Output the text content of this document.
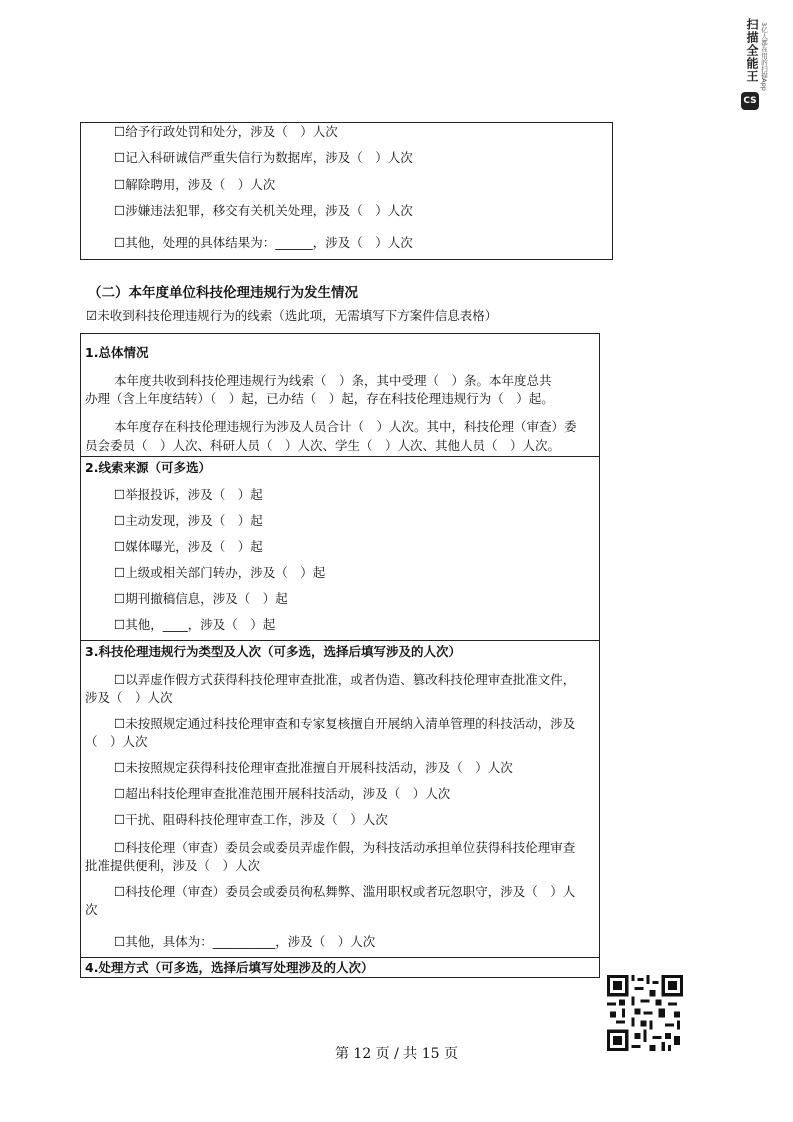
扫描全能王 3亿人都在用的扫描App
CS
☐给予行政处罚和处分，涉及（　）人次
☐记入科研诚信严重失信行为数据库，涉及（　）人次
☐解除聘用，涉及（　）人次
☐涉嫌违法犯罪，移交有关机关处理，涉及（　）人次
☐其他，处理的具体结果为：______，涉及（　）人次
（二）本年度单位科技伦理违规行为发生情况
☑未收到科技伦理违规行为的线索（选此项，无需填写下方案件信息表格）
1.总体情况
本年度共收到科技伦理违规行为线索（　）条，其中受理（　）条。本年度总共
办理（含上年度结转）（　）起，已办结（　）起，存在科技伦理违规行为（　）起。
本年度存在科技伦理违规行为涉及人员合计（　）人次。其中，科技伦理（审查）委
员会委员（　）人次、科研人员（　）人次、学生（　）人次、其他人员（　）人次。
2.线索来源（可多选）
☐举报投诉，涉及（　）起
☐主动发现，涉及（　）起
☐媒体曝光，涉及（　）起
☐上级或相关部门转办，涉及（　）起
☐期刊撤稿信息，涉及（　）起
☐其他，____，涉及（　）起
3.科技伦理违规行为类型及人次（可多选，选择后填写涉及的人次）
☐以弄虚作假方式获得科技伦理审查批准，或者伪造、篡改科技伦理审查批准文件，
涉及（　）人次
☐未按照规定通过科技伦理审查和专家复核擅自开展纳入清单管理的科技活动，涉及
（　）人次
☐未按照规定获得科技伦理审查批准擅自开展科技活动，涉及（　）人次
☐超出科技伦理审查批准范围开展科技活动，涉及（　）人次
☐干扰、阻碍科技伦理审查工作，涉及（　）人次
☐科技伦理（审查）委员会或委员弄虚作假，为科技活动承担单位获得科技伦理审查
批准提供便利，涉及（　）人次
☐科技伦理（审查）委员会或委员徇私舞弊、滥用职权或者玩忽职守，涉及（　）人
次
☐其他，具体为：__________，涉及（　）人次
4.处理方式（可多选，选择后填写处理涉及的人次）
第 12 页 / 共 15 页
